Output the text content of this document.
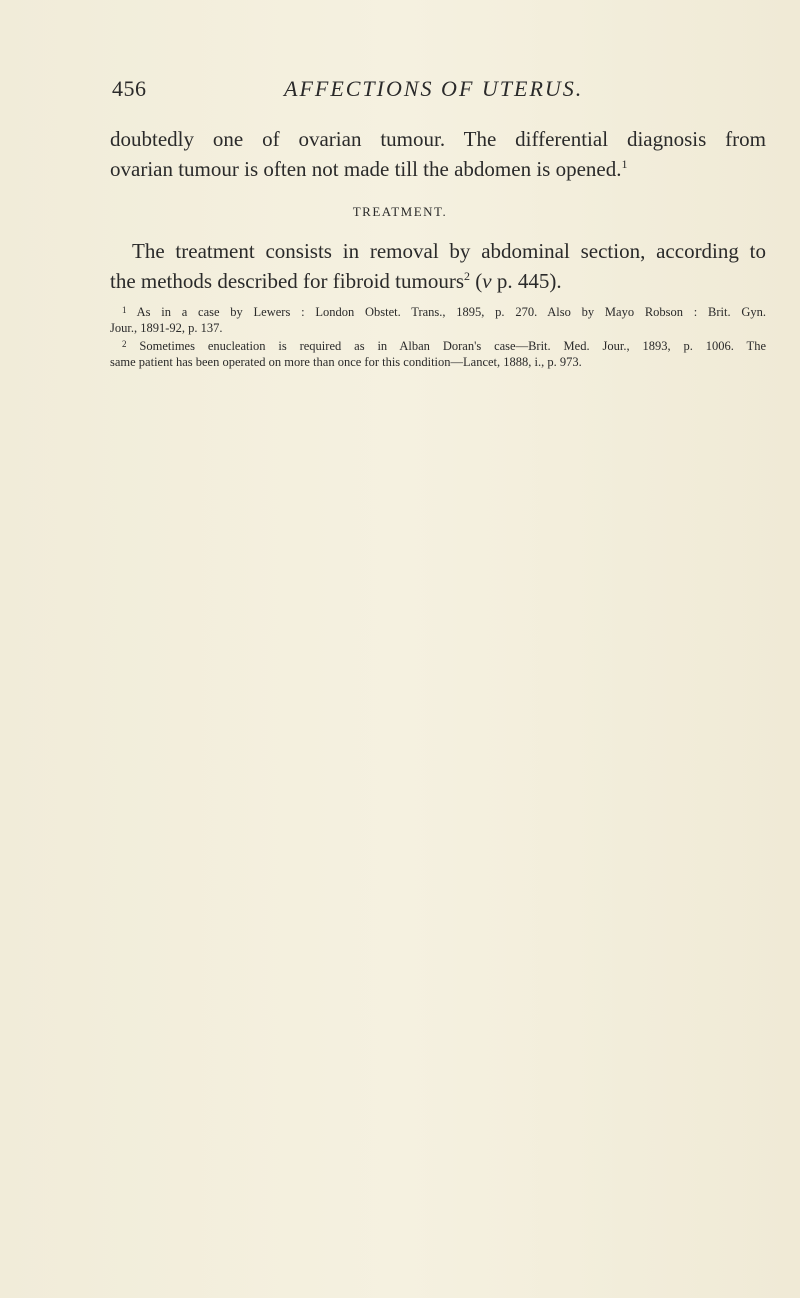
456	AFFECTIONS OF UTERUS.
doubtedly one of ovarian tumour. The differential diagnosis from
ovarian tumour is often not made till the abdomen is opened.$^1$
TREATMENT.
The treatment consists in removal by abdominal section, according to
the methods described for fibroid tumours$^2$ (v p. 445).
$^1$ As in a case by Lewers : London Obstet. Trans., 1895, p. 270. Also by Mayo Robson : Brit. Gyn.
Jour., 1891-92, p. 137.
$^2$ Sometimes enucleation is required as in Alban Doran's case—Brit. Med. Jour., 1893, p. 1006. The
same patient has been operated on more than once for this condition—Lancet, 1888, i., p. 973.
